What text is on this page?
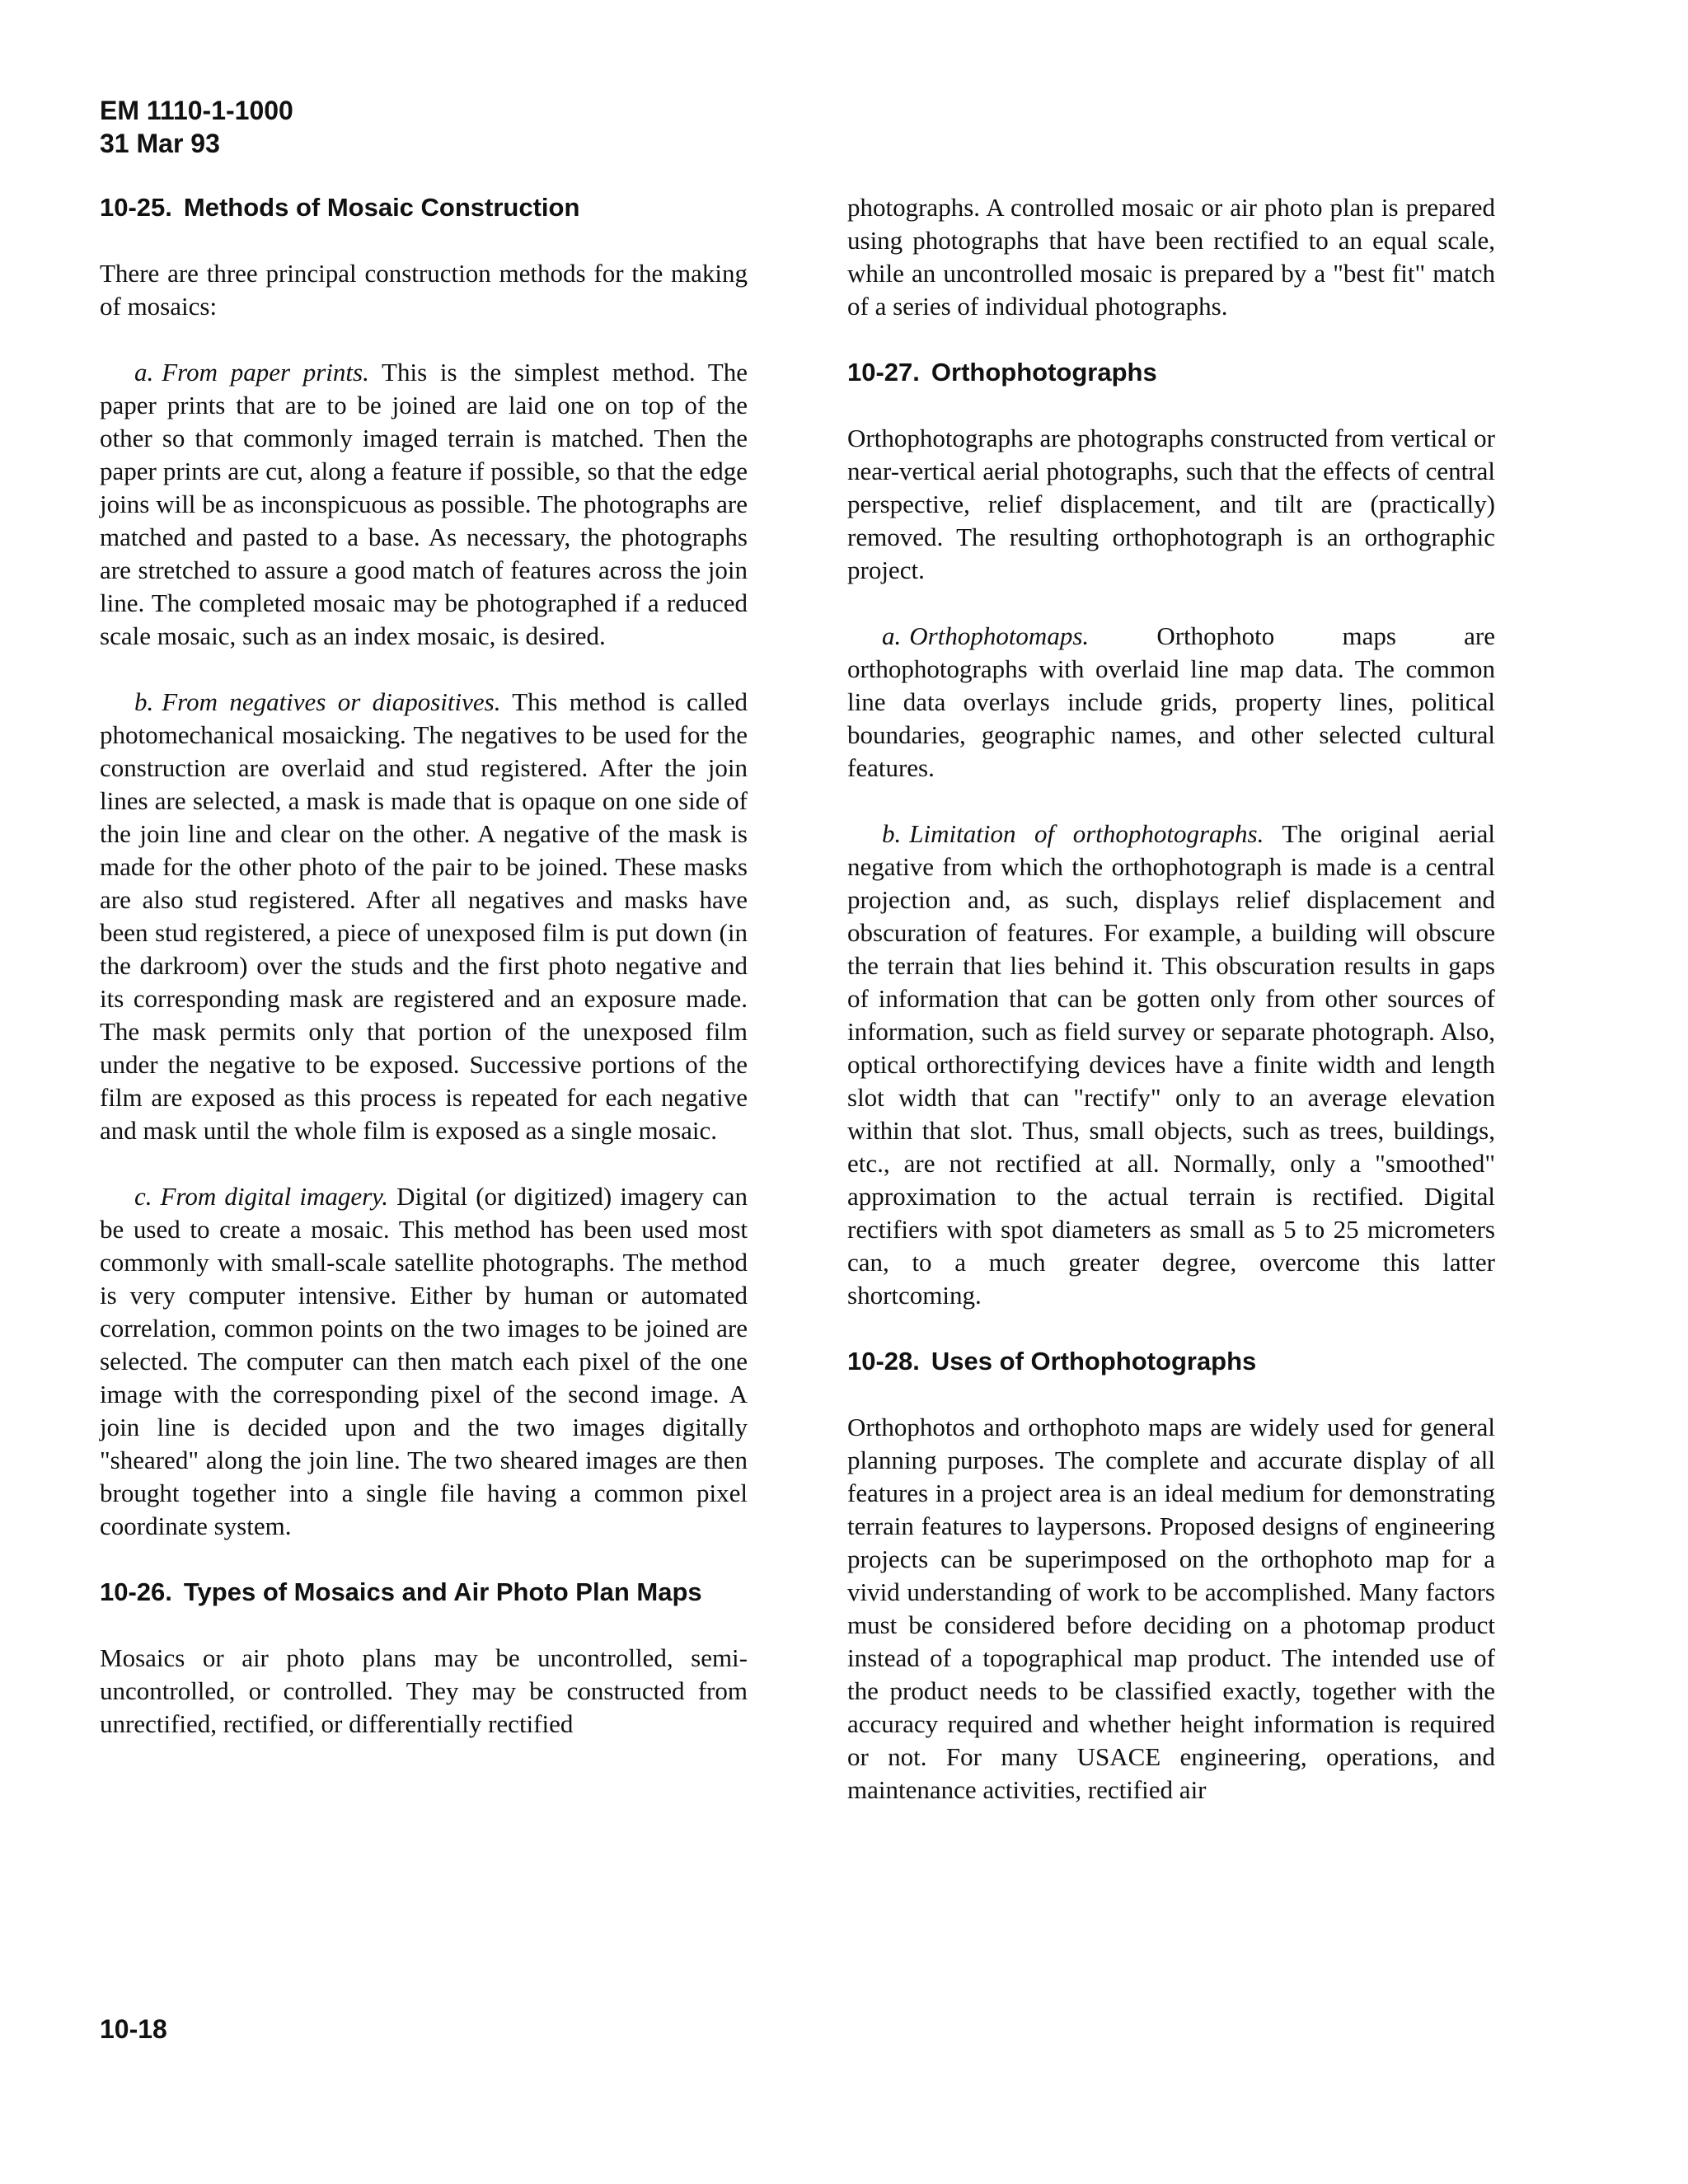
EM 1110-1-1000
31 Mar 93
10-25. Methods of Mosaic Construction

There are three principal construction methods for the making of mosaics:

a. From paper prints. This is the simplest method. The paper prints that are to be joined are laid one on top of the other so that commonly imaged terrain is matched. Then the paper prints are cut, along a feature if possible, so that the edge joins will be as inconspicuous as possible. The photographs are matched and pasted to a base. As necessary, the photographs are stretched to assure a good match of features across the join line. The completed mosaic may be photographed if a reduced scale mosaic, such as an index mosaic, is desired.

b. From negatives or diapositives. This method is called photomechanical mosaicking. The negatives to be used for the construction are overlaid and stud registered. After the join lines are selected, a mask is made that is opaque on one side of the join line and clear on the other. A negative of the mask is made for the other photo of the pair to be joined. These masks are also stud registered. After all negatives and masks have been stud registered, a piece of unexposed film is put down (in the darkroom) over the studs and the first photo negative and its corresponding mask are registered and an exposure made. The mask permits only that portion of the unexposed film under the negative to be exposed. Successive portions of the film are exposed as this process is repeated for each negative and mask until the whole film is exposed as a single mosaic.

c. From digital imagery. Digital (or digitized) imagery can be used to create a mosaic. This method has been used most commonly with small-scale satellite photographs. The method is very computer intensive. Either by human or automated correlation, common points on the two images to be joined are selected. The computer can then match each pixel of the one image with the corresponding pixel of the second image. A join line is decided upon and the two images digitally "sheared" along the join line. The two sheared images are then brought together into a single file having a common pixel coordinate system.

10-26. Types of Mosaics and Air Photo Plan Maps

Mosaics or air photo plans may be uncontrolled, semi-uncontrolled, or controlled. They may be constructed from unrectified, rectified, or differentially rectified

photographs. A controlled mosaic or air photo plan is prepared using photographs that have been rectified to an equal scale, while an uncontrolled mosaic is prepared by a "best fit" match of a series of individual photographs.

10-27. Orthophotographs

Orthophotographs are photographs constructed from vertical or near-vertical aerial photographs, such that the effects of central perspective, relief displacement, and tilt are (practically) removed. The resulting orthophotograph is an orthographic project.

a. Orthophotomaps.	Orthophoto maps are orthophotographs with overlaid line map data. The common line data overlays include grids, property lines, political boundaries, geographic names, and other selected cultural features.

b. Limitation of orthophotographs. The original aerial negative from which the orthophotograph is made is a central projection and, as such, displays relief displacement and obscuration of features. For example, a building will obscure the terrain that lies behind it. This obscuration results in gaps of information that can be gotten only from other sources of information, such as field survey or separate photograph. Also, optical orthorectifying devices have a finite width and length slot width that can "rectify" only to an average elevation within that slot. Thus, small objects, such as trees, buildings, etc., are not rectified at all. Normally, only a "smoothed" approximation to the actual terrain is rectified. Digital rectifiers with spot diameters as small as 5 to 25 micrometers can, to a much greater degree, overcome this latter shortcoming.

10-28. Uses of Orthophotographs

Orthophotos and orthophoto maps are widely used for general planning purposes. The complete and accurate display of all features in a project area is an ideal medium for demonstrating terrain features to laypersons. Proposed designs of engineering projects can be superimposed on the orthophoto map for a vivid understanding of work to be accomplished. Many factors must be considered before deciding on a photomap product instead of a topographical map product. The intended use of the product needs to be classified exactly, together with the accuracy required and whether height information is required or not. For many USACE engineering, operations, and maintenance activities, rectified air

10-18
